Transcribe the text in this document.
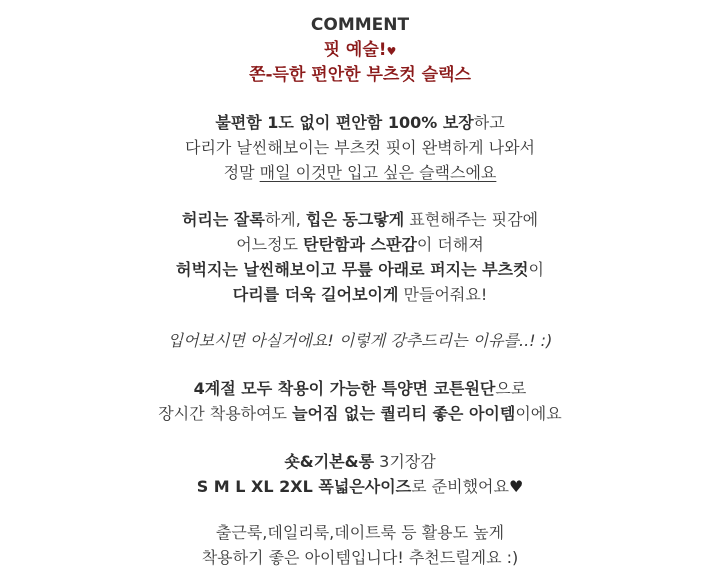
COMMENT
핏 예술!♥
쫀-득한 편안한 부츠컷 슬랙스
불편함 1도 없이 편안함 100% 보장하고
다리가 날씬해보이는 부츠컷 핏이 완벽하게 나와서
정말 매일 이것만 입고 싶은 슬랙스에요
허리는 잘록하게, 힙은 동그랗게 표현해주는 핏감에
어느정도 탄탄함과 스판감이 더해져
허벅지는 날씬해보이고 무릎 아래로 퍼지는 부츠컷이
다리를 더욱 길어보이게 만들어줘요!
입어보시면 아실거에요! 이렇게 강추드리는 이유를..! :)
4계절 모두 착용이 가능한 특양면 코튼원단으로
장시간 착용하여도 늘어짐 없는 퀄리티 좋은 아이템이에요
숏&기본&롱 3기장감
S M L XL 2XL 폭넓은사이즈로 준비했어요♥
출근룩,데일리룩,데이트룩 등 활용도 높게
착용하기 좋은 아이템입니다! 추천드릴게요 :)
